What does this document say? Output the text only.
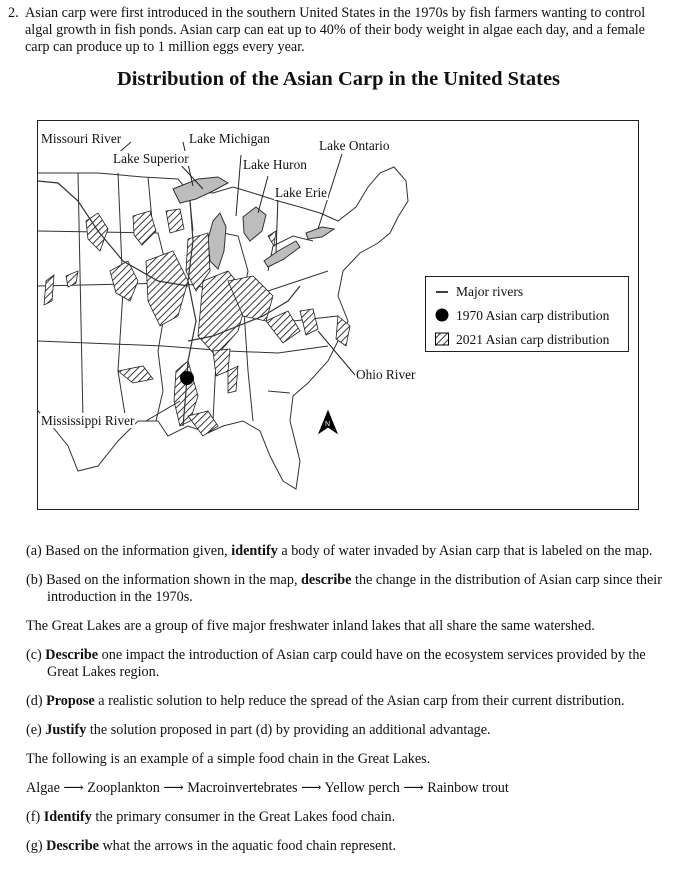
2. Asian carp were first introduced in the southern United States in the 1970s by fish farmers wanting to control algal growth in fish ponds. Asian carp can eat up to 40% of their body weight in algae each day, and a female carp can produce up to 1 million eggs every year.
Distribution of the Asian Carp in the United States
N
Missouri River	Lake Michigan
Lake Superior
Lake Ontario
Lake Huron
Lake Erie
Ohio River
Mississippi River
Major rivers
1970 Asian carp distribution
2021 Asian carp distribution
(a) Based on the information given, identify a body of water invaded by Asian carp that is labeled on the map.
(b) Based on the information shown in the map, describe the change in the distribution of Asian carp since their introduction in the 1970s.
The Great Lakes are a group of five major freshwater inland lakes that all share the same watershed.
(c) Describe one impact the introduction of Asian carp could have on the ecosystem services provided by the Great Lakes region.
(d) Propose a realistic solution to help reduce the spread of the Asian carp from their current distribution.
(e) Justify the solution proposed in part (d) by providing an additional advantage.
The following is an example of a simple food chain in the Great Lakes.
Algae ⟶ Zooplankton ⟶ Macroinvertebrates ⟶ Yellow perch ⟶ Rainbow trout
(f) Identify the primary consumer in the Great Lakes food chain.
(g) Describe what the arrows in the aquatic food chain represent.
